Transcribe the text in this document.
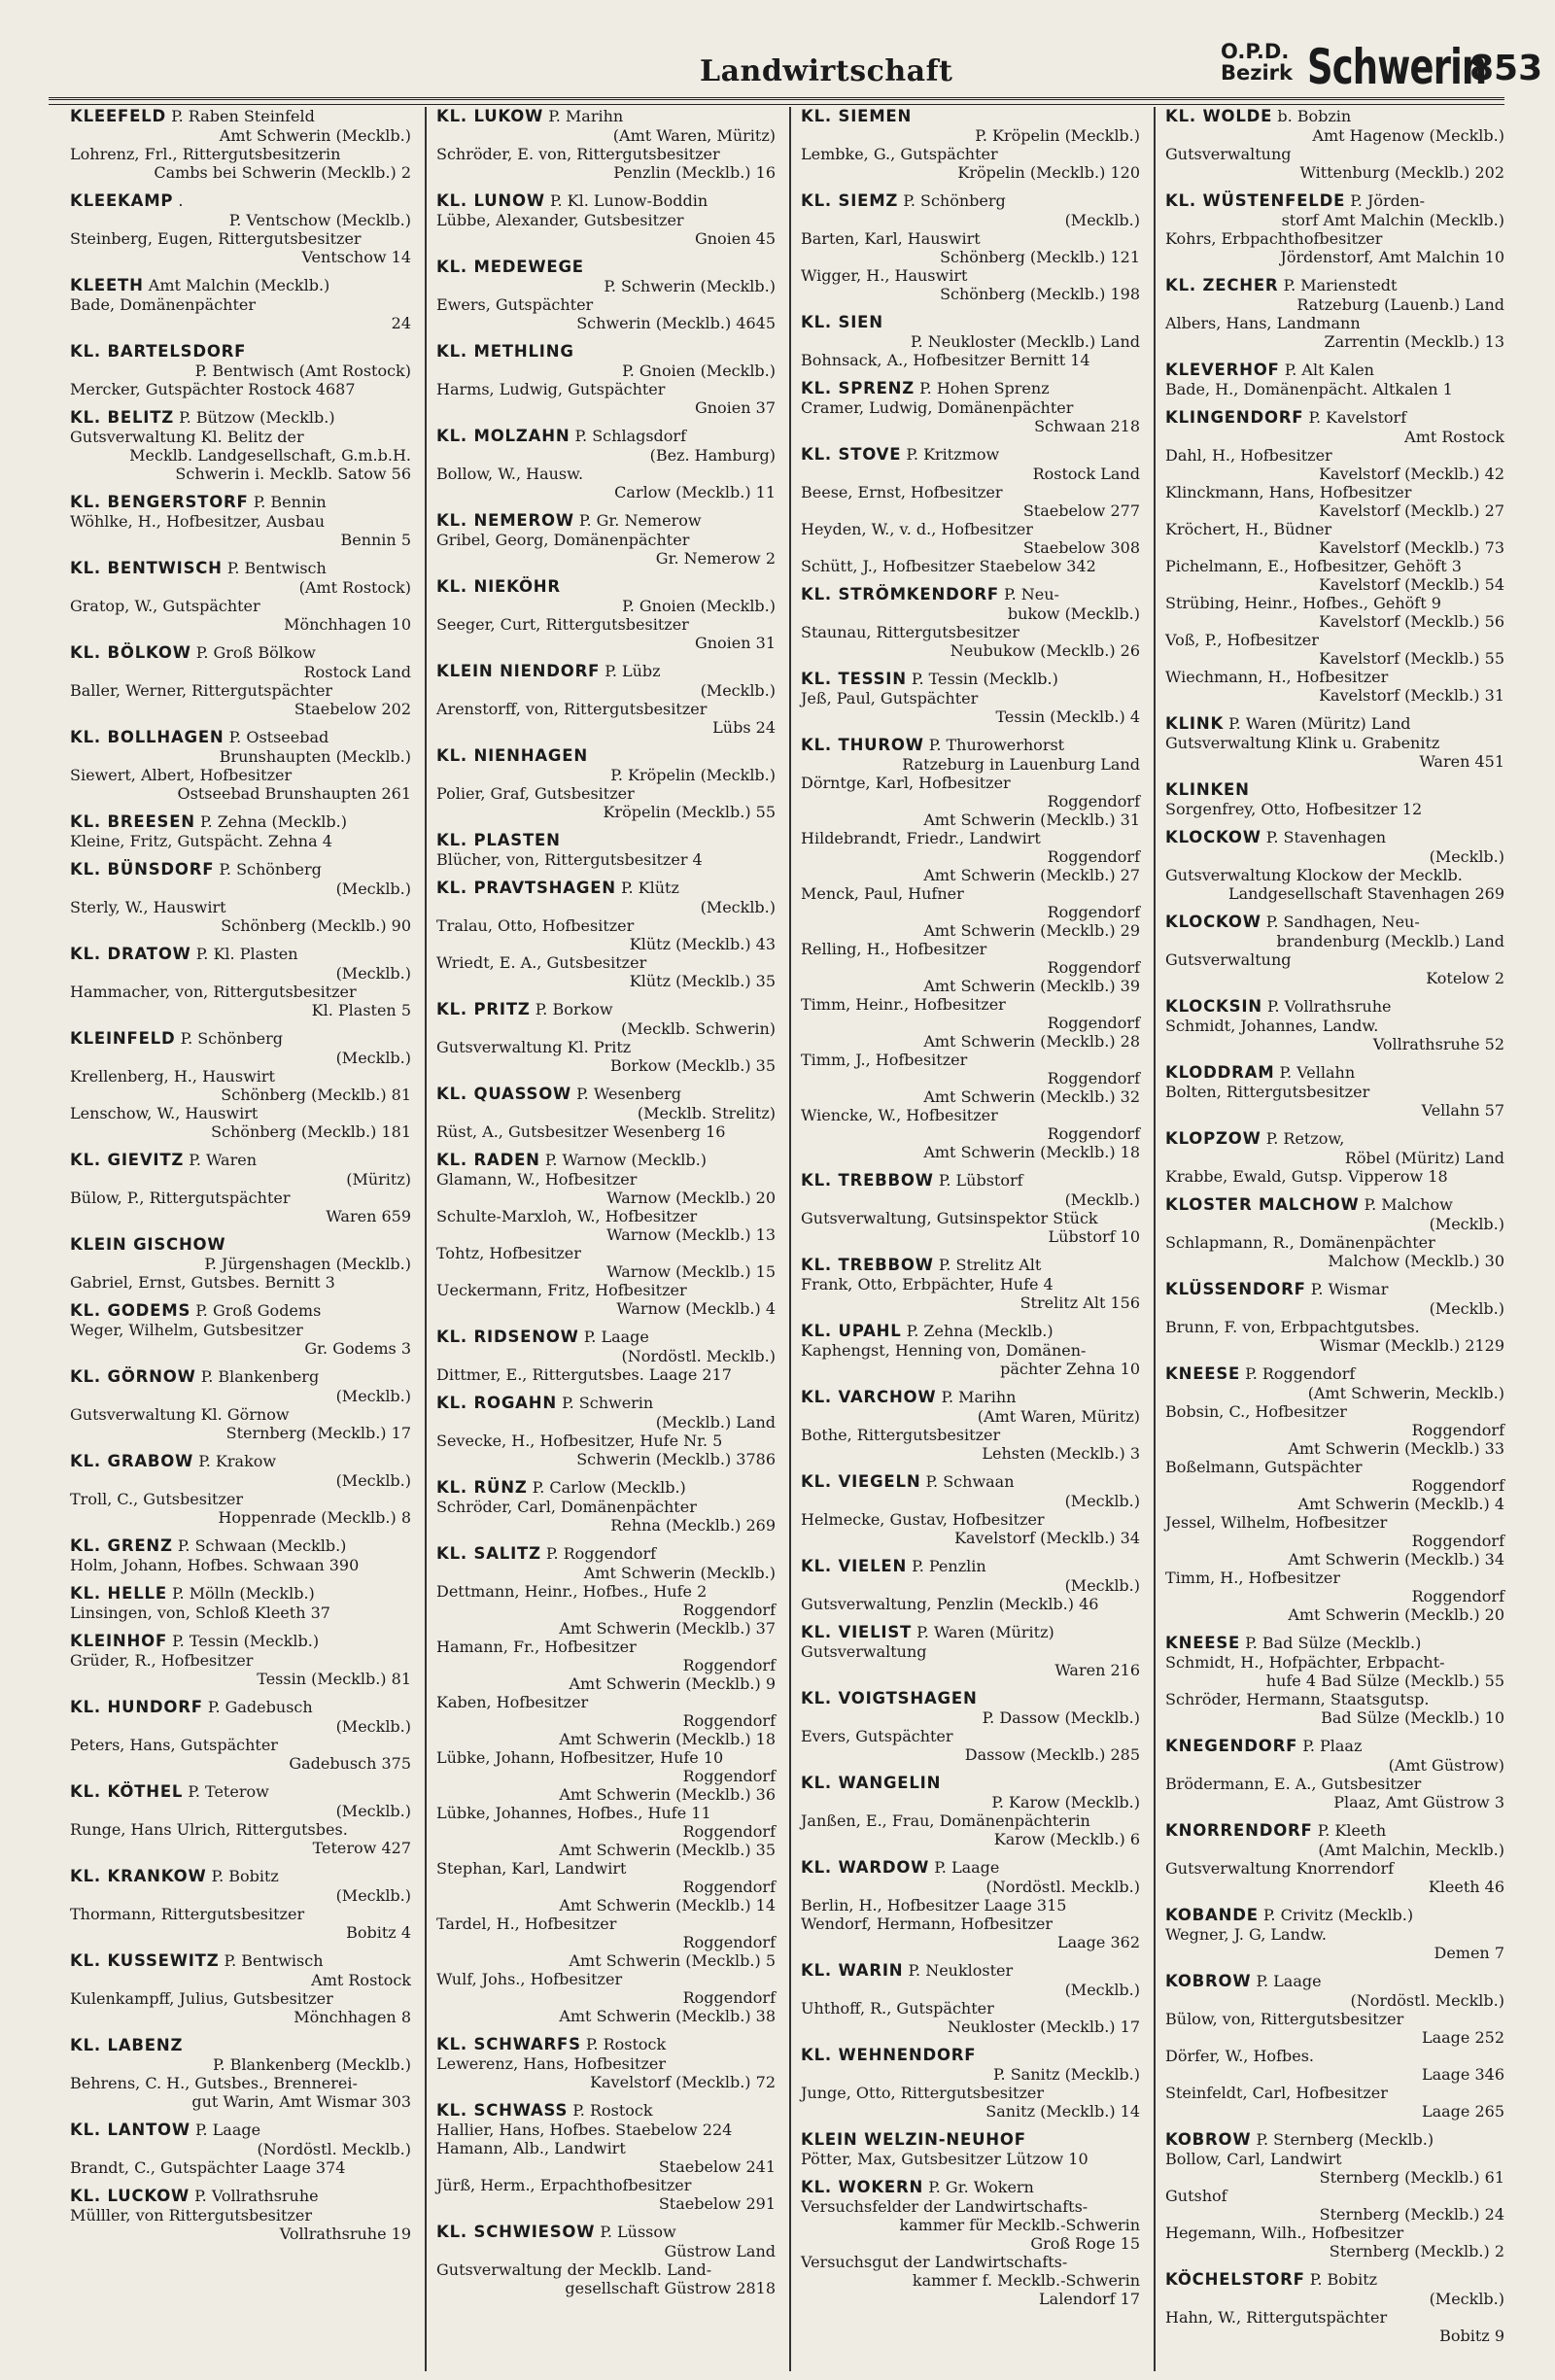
Landwirtschaft
O.P.D.
Bezirk Schwerin
853
KLEEFELD P. Raben Steinfeld
Amt Schwerin (Mecklb.)
Lohrenz, Frl., Rittergutsbesitzerin
Cambs bei Schwerin (Mecklb.) 2
KLEEKAMP .
P. Ventschow (Mecklb.)
Steinberg, Eugen, Rittergutsbesitzer
Ventschow 14
KLEETH Amt Malchin (Mecklb.)
Bade, Domänenpächter
24
KL. BARTELSDORF
P. Bentwisch (Amt Rostock)
Mercker, Gutspächter Rostock 4687
KL. BELITZ P. Bützow (Mecklb.)
Gutsverwaltung Kl. Belitz der
Mecklb. Landgesellschaft, G.m.b.H.
Schwerin i. Mecklb. Satow 56
KL. BENGERSTORF P. Bennin
Wöhlke, H., Hofbesitzer, Ausbau
Bennin 5
KL. BENTWISCH P. Bentwisch
(Amt Rostock)
Gratop, W., Gutspächter
Mönchhagen 10
KL. BÖLKOW P. Groß Bölkow
Rostock Land
Baller, Werner, Rittergutspächter
Staebelow 202
KL. BOLLHAGEN P. Ostseebad
Brunshaupten (Mecklb.)
Siewert, Albert, Hofbesitzer
Ostseebad Brunshaupten 261
KL. BREESEN P. Zehna (Mecklb.)
Kleine, Fritz, Gutspächt. Zehna 4
KL. BÜNSDORF P. Schönberg
(Mecklb.)
Sterly, W., Hauswirt
Schönberg (Mecklb.) 90
KL. DRATOW P. Kl. Plasten
(Mecklb.)
Hammacher, von, Rittergutsbesitzer
Kl. Plasten 5
KLEINFELD P. Schönberg
(Mecklb.)
Krellenberg, H., Hauswirt
Schönberg (Mecklb.) 81
Lenschow, W., Hauswirt
Schönberg (Mecklb.) 181
KL. GIEVITZ P. Waren
(Müritz)
Bülow, P., Rittergutspächter
Waren 659
KLEIN GISCHOW
P. Jürgenshagen (Mecklb.)
Gabriel, Ernst, Gutsbes. Bernitt 3
KL. GODEMS P. Groß Godems
Weger, Wilhelm, Gutsbesitzer
Gr. Godems 3
KL. GÖRNOW P. Blankenberg
(Mecklb.)
Gutsverwaltung Kl. Görnow
Sternberg (Mecklb.) 17
KL. GRABOW P. Krakow
(Mecklb.)
Troll, C., Gutsbesitzer
Hoppenrade (Mecklb.) 8
KL. GRENZ P. Schwaan (Mecklb.)
Holm, Johann, Hofbes. Schwaan 390
KL. HELLE P. Mölln (Mecklb.)
Linsingen, von, Schloß Kleeth 37
KLEINHOF P. Tessin (Mecklb.)
Grüder, R., Hofbesitzer
Tessin (Mecklb.) 81
KL. HUNDORF P. Gadebusch
(Mecklb.)
Peters, Hans, Gutspächter
Gadebusch 375
KL. KÖTHEL P. Teterow
(Mecklb.)
Runge, Hans Ulrich, Rittergutsbes.
Teterow 427
KL. KRANKOW P. Bobitz
(Mecklb.)
Thormann, Rittergutsbesitzer
Bobitz 4
KL. KUSSEWITZ P. Bentwisch
Amt Rostock
Kulenkampff, Julius, Gutsbesitzer
Mönchhagen 8
KL. LABENZ
P. Blankenberg (Mecklb.)
Behrens, C. H., Gutsbes., Brennerei-
gut Warin, Amt Wismar 303
KL. LANTOW P. Laage
(Nordöstl. Mecklb.)
Brandt, C., Gutspächter Laage 374
KL. LUCKOW P. Vollrathsruhe
Mülller, von Rittergutsbesitzer
Vollrathsruhe 19
KL. LUKOW P. Marihn
(Amt Waren, Müritz)
Schröder, E. von, Rittergutsbesitzer
Penzlin (Mecklb.) 16
KL. LUNOW P. Kl. Lunow-Boddin
Lübbe, Alexander, Gutsbesitzer
Gnoien 45
KL. MEDEWEGE
P. Schwerin (Mecklb.)
Ewers, Gutspächter
Schwerin (Mecklb.) 4645
KL. METHLING
P. Gnoien (Mecklb.)
Harms, Ludwig, Gutspächter
Gnoien 37
KL. MOLZAHN P. Schlagsdorf
(Bez. Hamburg)
Bollow, W., Hausw.
Carlow (Mecklb.) 11
KL. NEMEROW P. Gr. Nemerow
Gribel, Georg, Domänenpächter
Gr. Nemerow 2
KL. NIEKÖHR
P. Gnoien (Mecklb.)
Seeger, Curt, Rittergutsbesitzer
Gnoien 31
KLEIN NIENDORF P. Lübz
(Mecklb.)
Arenstorff, von, Rittergutsbesitzer
Lübs 24
KL. NIENHAGEN
P. Kröpelin (Mecklb.)
Polier, Graf, Gutsbesitzer
Kröpelin (Mecklb.) 55
KL. PLASTEN
Blücher, von, Rittergutsbesitzer 4
KL. PRAVTSHAGEN P. Klütz
(Mecklb.)
Tralau, Otto, Hofbesitzer
Klütz (Mecklb.) 43
Wriedt, E. A., Gutsbesitzer
Klütz (Mecklb.) 35
KL. PRITZ P. Borkow
(Mecklb. Schwerin)
Gutsverwaltung Kl. Pritz
Borkow (Mecklb.) 35
KL. QUASSOW P. Wesenberg
(Mecklb. Strelitz)
Rüst, A., Gutsbesitzer Wesenberg 16
KL. RADEN P. Warnow (Mecklb.)
Glamann, W., Hofbesitzer
Warnow (Mecklb.) 20
Schulte-Marxloh, W., Hofbesitzer
Warnow (Mecklb.) 13
Tohtz, Hofbesitzer
Warnow (Mecklb.) 15
Ueckermann, Fritz, Hofbesitzer
Warnow (Mecklb.) 4
KL. RIDSENOW P. Laage
(Nordöstl. Mecklb.)
Dittmer, E., Rittergutsbes. Laage 217
KL. ROGAHN P. Schwerin
(Mecklb.) Land
Sevecke, H., Hofbesitzer, Hufe Nr. 5
Schwerin (Mecklb.) 3786
KL. RÜNZ P. Carlow (Mecklb.)
Schröder, Carl, Domänenpächter
Rehna (Mecklb.) 269
KL. SALITZ P. Roggendorf
Amt Schwerin (Mecklb.)
Dettmann, Heinr., Hofbes., Hufe 2
Roggendorf
Amt Schwerin (Mecklb.) 37
Hamann, Fr., Hofbesitzer
Roggendorf
Amt Schwerin (Mecklb.) 9
Kaben, Hofbesitzer
Roggendorf
Amt Schwerin (Mecklb.) 18
Lübke, Johann, Hofbesitzer, Hufe 10
Roggendorf
Amt Schwerin (Mecklb.) 36
Lübke, Johannes, Hofbes., Hufe 11
Roggendorf
Amt Schwerin (Mecklb.) 35
Stephan, Karl, Landwirt
Roggendorf
Amt Schwerin (Mecklb.) 14
Tardel, H., Hofbesitzer
Roggendorf
Amt Schwerin (Mecklb.) 5
Wulf, Johs., Hofbesitzer
Roggendorf
Amt Schwerin (Mecklb.) 38
KL. SCHWARFS P. Rostock
Lewerenz, Hans, Hofbesitzer
Kavelstorf (Mecklb.) 72
KL. SCHWASS P. Rostock
Hallier, Hans, Hofbes. Staebelow 224
Hamann, Alb., Landwirt
Staebelow 241
Jürß, Herm., Erpachthofbesitzer
Staebelow 291
KL. SCHWIESOW P. Lüssow
Güstrow Land
Gutsverwaltung der Mecklb. Land-
gesellschaft Güstrow 2818
KL. SIEMEN
P. Kröpelin (Mecklb.)
Lembke, G., Gutspächter
Kröpelin (Mecklb.) 120
KL. SIEMZ P. Schönberg
(Mecklb.)
Barten, Karl, Hauswirt
Schönberg (Mecklb.) 121
Wigger, H., Hauswirt
Schönberg (Mecklb.) 198
KL. SIEN
P. Neukloster (Mecklb.) Land
Bohnsack, A., Hofbesitzer Bernitt 14
KL. SPRENZ P. Hohen Sprenz
Cramer, Ludwig, Domänenpächter
Schwaan 218
KL. STOVE P. Kritzmow
Rostock Land
Beese, Ernst, Hofbesitzer
Staebelow 277
Heyden, W., v. d., Hofbesitzer
Staebelow 308
Schütt, J., Hofbesitzer Staebelow 342
KL. STRÖMKENDORF P. Neu-
bukow (Mecklb.)
Staunau, Rittergutsbesitzer
Neubukow (Mecklb.) 26
KL. TESSIN P. Tessin (Mecklb.)
Jeß, Paul, Gutspächter
Tessin (Mecklb.) 4
KL. THUROW P. Thurowerhorst
Ratzeburg in Lauenburg Land
Dörntge, Karl, Hofbesitzer
Roggendorf
Amt Schwerin (Mecklb.) 31
Hildebrandt, Friedr., Landwirt
Roggendorf
Amt Schwerin (Mecklb.) 27
Menck, Paul, Hufner
Roggendorf
Amt Schwerin (Mecklb.) 29
Relling, H., Hofbesitzer
Roggendorf
Amt Schwerin (Mecklb.) 39
Timm, Heinr., Hofbesitzer
Roggendorf
Amt Schwerin (Mecklb.) 28
Timm, J., Hofbesitzer
Roggendorf
Amt Schwerin (Mecklb.) 32
Wiencke, W., Hofbesitzer
Roggendorf
Amt Schwerin (Mecklb.) 18
KL. TREBBOW P. Lübstorf
(Mecklb.)
Gutsverwaltung, Gutsinspektor Stück
Lübstorf 10
KL. TREBBOW P. Strelitz Alt
Frank, Otto, Erbpächter, Hufe 4
Strelitz Alt 156
KL. UPAHL P. Zehna (Mecklb.)
Kaphengst, Henning von, Domänen-
pächter Zehna 10
KL. VARCHOW P. Marihn
(Amt Waren, Müritz)
Bothe, Rittergutsbesitzer
Lehsten (Mecklb.) 3
KL. VIEGELN P. Schwaan
(Mecklb.)
Helmecke, Gustav, Hofbesitzer
Kavelstorf (Mecklb.) 34
KL. VIELEN P. Penzlin
(Mecklb.)
Gutsverwaltung, Penzlin (Mecklb.) 46
KL. VIELIST P. Waren (Müritz)
Gutsverwaltung
Waren 216
KL. VOIGTSHAGEN
P. Dassow (Mecklb.)
Evers, Gutspächter
Dassow (Mecklb.) 285
KL. WANGELIN
P. Karow (Mecklb.)
Janßen, E., Frau, Domänenpächterin
Karow (Mecklb.) 6
KL. WARDOW P. Laage
(Nordöstl. Mecklb.)
Berlin, H., Hofbesitzer Laage 315
Wendorf, Hermann, Hofbesitzer
Laage 362
KL. WARIN P. Neukloster
(Mecklb.)
Uhthoff, R., Gutspächter
Neukloster (Mecklb.) 17
KL. WEHNENDORF
P. Sanitz (Mecklb.)
Junge, Otto, Rittergutsbesitzer
Sanitz (Mecklb.) 14
KLEIN WELZIN-NEUHOF
Pötter, Max, Gutsbesitzer Lützow 10
KL. WOKERN P. Gr. Wokern
Versuchsfelder der Landwirtschafts-
kammer für Mecklb.-Schwerin
Groß Roge 15
Versuchsgut der Landwirtschafts-
kammer f. Mecklb.-Schwerin
Lalendorf 17
KL. WOLDE b. Bobzin
Amt Hagenow (Mecklb.)
Gutsverwaltung
Wittenburg (Mecklb.) 202
KL. WÜSTENFELDE P. Jörden-
storf Amt Malchin (Mecklb.)
Kohrs, Erbpachthofbesitzer
Jördenstorf, Amt Malchin 10
KL. ZECHER P. Marienstedt
Ratzeburg (Lauenb.) Land
Albers, Hans, Landmann
Zarrentin (Mecklb.) 13
KLEVERHOF P. Alt Kalen
Bade, H., Domänenpächt. Altkalen 1
KLINGENDORF P. Kavelstorf
Amt Rostock
Dahl, H., Hofbesitzer
Kavelstorf (Mecklb.) 42
Klinckmann, Hans, Hofbesitzer
Kavelstorf (Mecklb.) 27
Kröchert, H., Büdner
Kavelstorf (Mecklb.) 73
Pichelmann, E., Hofbesitzer, Gehöft 3
Kavelstorf (Mecklb.) 54
Strübing, Heinr., Hofbes., Gehöft 9
Kavelstorf (Mecklb.) 56
Voß, P., Hofbesitzer
Kavelstorf (Mecklb.) 55
Wiechmann, H., Hofbesitzer
Kavelstorf (Mecklb.) 31
KLINK P. Waren (Müritz) Land
Gutsverwaltung Klink u. Grabenitz
Waren 451
KLINKEN
Sorgenfrey, Otto, Hofbesitzer 12
KLOCKOW P. Stavenhagen
(Mecklb.)
Gutsverwaltung Klockow der Mecklb.
Landgesellschaft Stavenhagen 269
KLOCKOW P. Sandhagen, Neu-
brandenburg (Mecklb.) Land
Gutsverwaltung
Kotelow 2
KLOCKSIN P. Vollrathsruhe
Schmidt, Johannes, Landw.
Vollrathsruhe 52
KLODDRAM P. Vellahn
Bolten, Rittergutsbesitzer
Vellahn 57
KLOPZOW P. Retzow,
Röbel (Müritz) Land
Krabbe, Ewald, Gutsp. Vipperow 18
KLOSTER MALCHOW P. Malchow
(Mecklb.)
Schlapmann, R., Domänenpächter
Malchow (Mecklb.) 30
KLÜSSENDORF P. Wismar
(Mecklb.)
Brunn, F. von, Erbpachtgutsbes.
Wismar (Mecklb.) 2129
KNEESE P. Roggendorf
(Amt Schwerin, Mecklb.)
Bobsin, C., Hofbesitzer
Roggendorf
Amt Schwerin (Mecklb.) 33
Boßelmann, Gutspächter
Roggendorf
Amt Schwerin (Mecklb.) 4
Jessel, Wilhelm, Hofbesitzer
Roggendorf
Amt Schwerin (Mecklb.) 34
Timm, H., Hofbesitzer
Roggendorf
Amt Schwerin (Mecklb.) 20
KNEESE P. Bad Sülze (Mecklb.)
Schmidt, H., Hofpächter, Erbpacht-
hufe 4 Bad Sülze (Mecklb.) 55
Schröder, Hermann, Staatsgutsp.
Bad Sülze (Mecklb.) 10
KNEGENDORF P. Plaaz
(Amt Güstrow)
Brödermann, E. A., Gutsbesitzer
Plaaz, Amt Güstrow 3
KNORRENDORF P. Kleeth
(Amt Malchin, Mecklb.)
Gutsverwaltung Knorrendorf
Kleeth 46
KOBANDE P. Crivitz (Mecklb.)
Wegner, J. G, Landw.
Demen 7
KOBROW P. Laage
(Nordöstl. Mecklb.)
Bülow, von, Rittergutsbesitzer
Laage 252
Dörfer, W., Hofbes.
Laage 346
Steinfeldt, Carl, Hofbesitzer
Laage 265
KOBROW P. Sternberg (Mecklb.)
Bollow, Carl, Landwirt
Sternberg (Mecklb.) 61
Gutshof
Sternberg (Mecklb.) 24
Hegemann, Wilh., Hofbesitzer
Sternberg (Mecklb.) 2
KÖCHELSTORF P. Bobitz
(Mecklb.)
Hahn, W., Rittergutspächter
Bobitz 9
